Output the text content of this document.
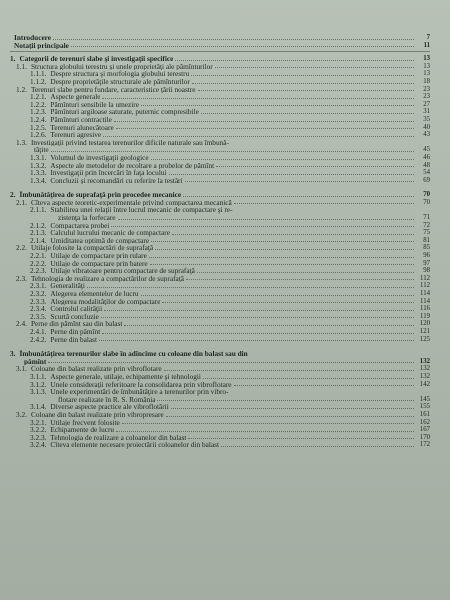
Introducere	7
Notaţii principale	11
1. Categorii de terenuri slabe şi investigaţii specifice	13
1.1. Structura globului terestru şi unele proprietăţi ale pămînturilor	13
1.1.1. Despre structura şi morfologia globului terestru	13
1.1.2. Despre proprietăţile structurale ale pămînturilor	18
1.2. Terenuri slabe pentru fundare, caracteristice ţării noastre	23
1.2.1. Aspecte generale	23
1.2.2. Pămînturi sensibile la umezire	27
1.2.3. Pămînturi argiloase saturate, puternic compresibile	31
1.2.4. Pămînturi contractile	35
1.2.5. Terenuri alunecătoare	40
1.2.6. Terenuri agresive	43
1.3. Investigaţii privind testarea terenurilor dificile naturale sau îmbună-
tăţite	45
1.3.1. Volumul de investigaţii geologice	46
1.3.2. Aspecte ale metodelor de recoltare a probelor de pămînt	48
1.3.3. Investigaţii prin încercări în faţa locului	54
1.3.4. Concluzii şi recomandări cu referire la testări	69
2. Îmbunătăţirea de suprafaţă prin procedee mecanice	70
2.1. Cîteva aspecte teoretic-experimentale privind compactarea mecanică	70
2.1.1. Stabilirea unei relaţii între lucrul mecanic de compactare şi re-
zistenţa la forfecare	71
2.1.2. Compactarea probei	72
2.1.3. Calculul lucrului mecanic de compactare	75
2.1.4. Umiditatea optimă de compactare	81
2.2. Utilaje folosite la compactări de suprafaţă	85
2.2.1. Utilaje de compactare prin rulare	96
2.2.2. Utilaje de compactare prin batere	97
2.2.3. Utilaje vibratoare pentru compactare de suprafaţă	98
2.3. Tehnologia de realizare a compactărilor de suprafaţă	112
2.3.1. Generalităţi	112
2.3.2. Alegerea elementelor de lucru	114
2.3.3. Alegerea modalităţilor de compactare	114
2.3.4. Controlul calităţii	116
2.3.5. Scurtă concluzie	119
2.4. Perne din pămînt sau din balast	120
2.4.1. Perne din pămînt	121
2.4.2. Perne din balast	125
3. Îmbunătăţirea terenurilor slabe în adîncime cu coloane din balast sau din
pămînt	132
3.1. Coloane din balast realizate prin vibroflotare	132
3.1.1. Aspecte generale, utilaje, echipamente şi tehnologii	132
3.1.2. Unele consideraţii referitoare la consolidarea prin vibroflotare	142
3.1.3. Unele experimentări de îmbunătăţire a terenurilor prin vibro-
flotare realizate în R. S. România	145
3.1.4. Diverse aspecte practice ale vibroflotării	155
3.2. Coloane din balast realizate prin vibropresare	161
3.2.1. Utilaje frecvent folosite	162
3.2.2. Echipamente de lucru	167
3.2.3. Tehnologia de realizare a coloanelor din balast	170
3.2.4. Cîteva elemente necesare proiectării coloanelor din balast	172
